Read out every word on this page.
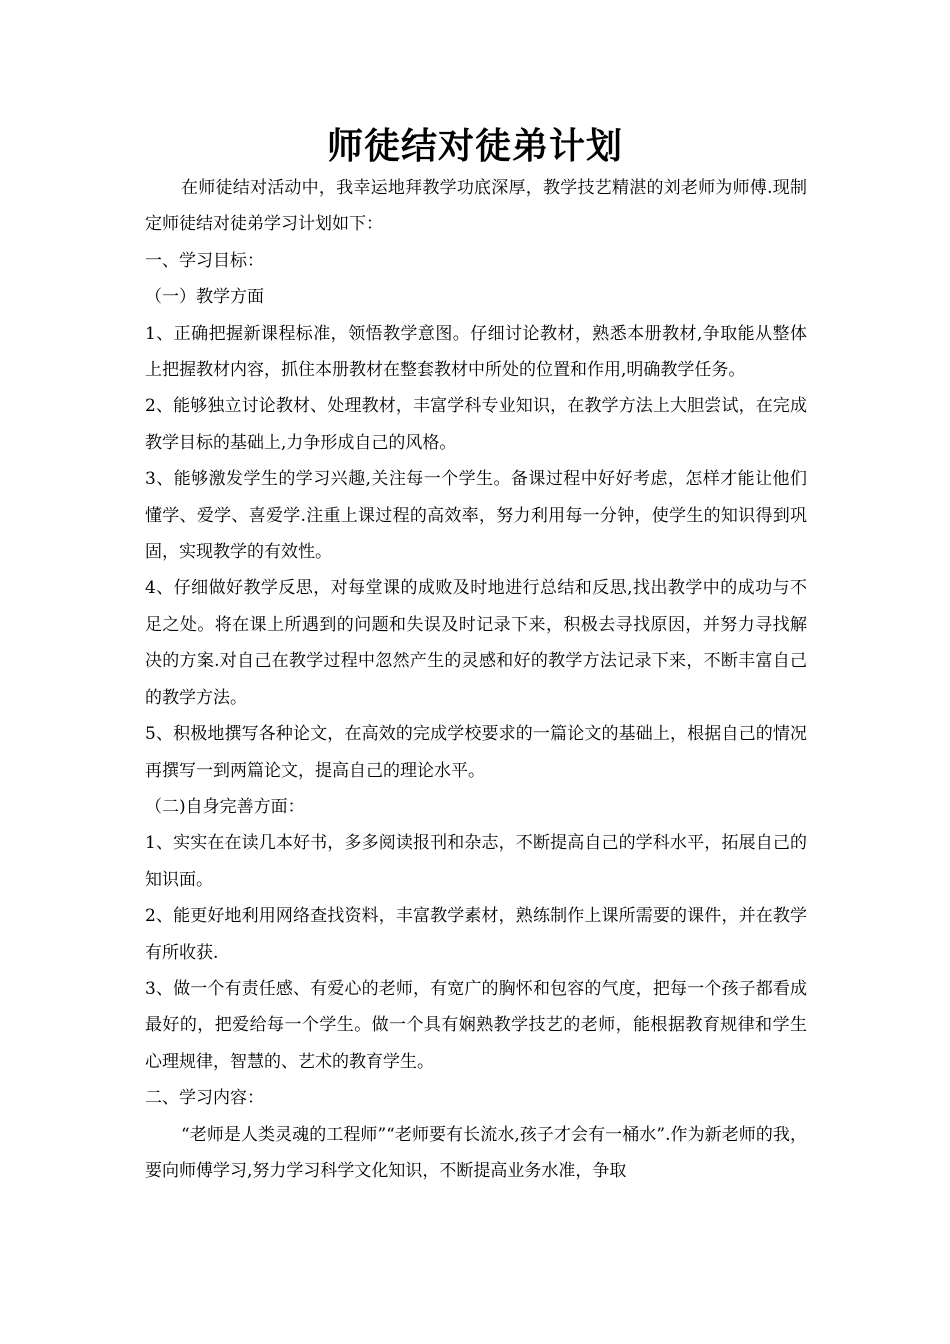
师徒结对徒弟计划

在师徒结对活动中，我幸运地拜教学功底深厚，教学技艺精湛的刘老师为师傅.现制定师徒结对徒弟学习计划如下：

一、学习目标：

（一）教学方面

1、正确把握新课程标准，领悟教学意图。仔细讨论教材，熟悉本册教材,争取能从整体上把握教材内容，抓住本册教材在整套教材中所处的位置和作用,明确教学任务。

2、能够独立讨论教材、处理教材，丰富学科专业知识，在教学方法上大胆尝试，在完成教学目标的基础上,力争形成自己的风格。

3、能够激发学生的学习兴趣,关注每一个学生。备课过程中好好考虑，怎样才能让他们懂学、爱学、喜爱学.注重上课过程的高效率，努力利用每一分钟，使学生的知识得到巩固，实现教学的有效性。

4、仔细做好教学反思，对每堂课的成败及时地进行总结和反思,找出教学中的成功与不足之处。将在课上所遇到的问题和失误及时记录下来，积极去寻找原因，并努力寻找解决的方案.对自己在教学过程中忽然产生的灵感和好的教学方法记录下来，不断丰富自己的教学方法。

5、积极地撰写各种论文，在高效的完成学校要求的一篇论文的基础上，根据自己的情况再撰写一到两篇论文，提高自己的理论水平。

（二)自身完善方面：

1、实实在在读几本好书，多多阅读报刊和杂志，不断提高自己的学科水平，拓展自己的知识面。

2、能更好地利用网络查找资料，丰富教学素材，熟练制作上课所需要的课件，并在教学有所收获.

3、做一个有责任感、有爱心的老师，有宽广的胸怀和包容的气度，把每一个孩子都看成最好的，把爱给每一个学生。做一个具有娴熟教学技艺的老师，能根据教育规律和学生心理规律，智慧的、艺术的教育学生。

二、学习内容：

“老师是人类灵魂的工程师”“老师要有长流水,孩子才会有一桶水”.作为新老师的我，要向师傅学习,努力学习科学文化知识，不断提高业务水准，争取
